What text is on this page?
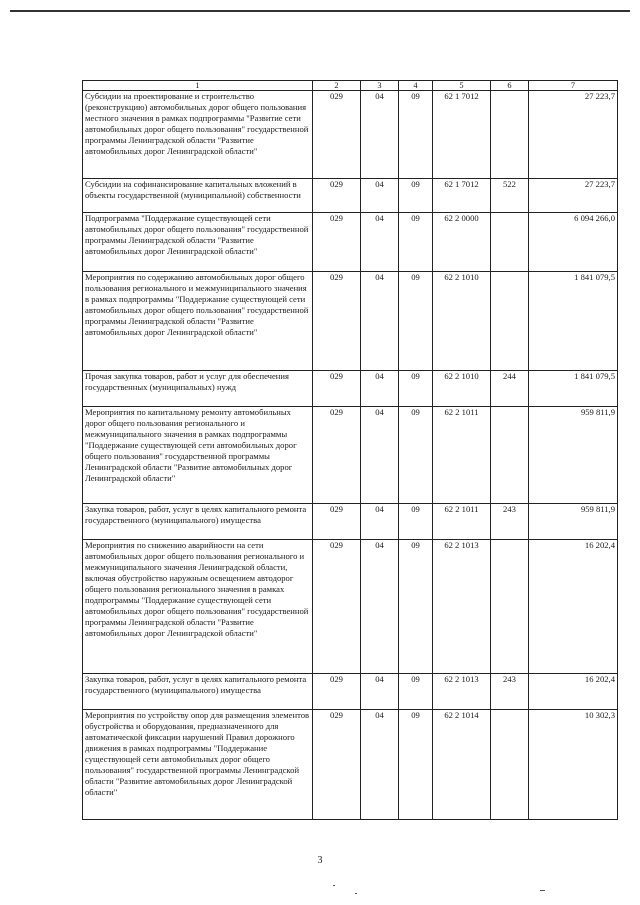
1	2	3	4	5	6	7
Субсидии на проектирование и строительство (реконструкцию) автомобильных дорог общего пользования местного значения в рамках подпрограммы "Развитие сети автомобильных дорог общего пользования" государственной программы Ленинградской области "Развитие автомобильных дорог Ленинградской области"	029	04	09	62 1 7012		27 223,7
Субсидии на софинансирование капитальных вложений в объекты государственной (муниципальной) собственности	029	04	09	62 1 7012	522	27 223,7
Подпрограмма "Поддержание существующей сети автомобильных дорог общего пользования" государственной программы Ленинградской области "Развитие автомобильных дорог Ленинградской области"	029	04	09	62 2 0000		6 094 266,0
Мероприятия по содержанию автомобильных дорог общего пользования регионального и межмуниципального значения в рамках подпрограммы "Поддержание существующей сети автомобильных дорог общего пользования" государственной программы Ленинградской области "Развитие автомобильных дорог Ленинградской области"	029	04	09	62 2 1010		1 841 079,5
Прочая закупка товаров, работ и услуг для обеспечения государственных (муниципальных) нужд	029	04	09	62 2 1010	244	1 841 079,5
Мероприятия по капитальному ремонту автомобильных дорог общего пользования регионального и межмуниципального значения в рамках подпрограммы "Поддержание существующей сети автомобильных дорог общего пользования" государственной программы Ленинградской области "Развитие автомобильных дорог Ленинградской области"	029	04	09	62 2 1011		959 811,9
Закупка товаров, работ, услуг в целях капитального ремонта государственного (муниципального) имущества	029	04	09	62 2 1011	243	959 811,9
Мероприятия по снижению аварийности на сети автомобильных дорог общего пользования регионального и межмуниципального значения Ленинградской области, включая обустройство наружным освещением автодорог общего пользования регионального значения в рамках подпрограммы "Поддержание существующей сети автомобильных дорог общего пользования" государственной программы Ленинградской области "Развитие автомобильных дорог Ленинградской области"	029	04	09	62 2 1013		16 202,4
Закупка товаров, работ, услуг в целях капитального ремонта государственного (муниципального) имущества	029	04	09	62 2 1013	243	16 202,4
Мероприятия по устройству опор для размещения элементов обустройства и оборудования, предназначенного для автоматической фиксации нарушений Правил дорожного движения в рамках подпрограммы "Поддержание существующей сети автомобильных дорог общего пользования" государственной программы Ленинградской области "Развитие автомобильных дорог Ленинградской области"	029	04	09	62 2 1014		10 302,3
3
